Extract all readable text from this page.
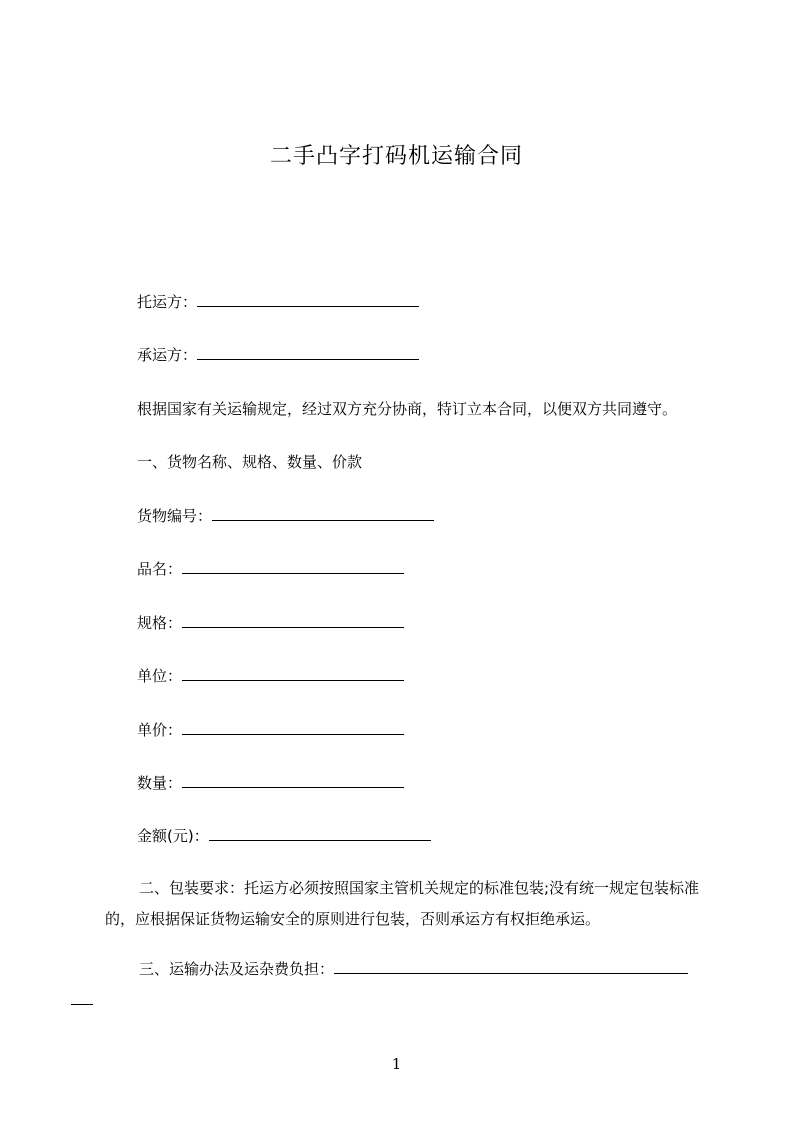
二手凸字打码机运输合同
托运方：
承运方：
根据国家有关运输规定，经过双方充分协商，特订立本合同，以便双方共同遵守。
一、货物名称、规格、数量、价款
货物编号：
品名：
规格：
单位：
单价：
数量：
金额(元)：
二、包装要求：托运方必须按照国家主管机关规定的标准包装;没有统一规定包装标准的，应根据保证货物运输安全的原则进行包装，否则承运方有权拒绝承运。
三、运输办法及运杂费负担：

1
